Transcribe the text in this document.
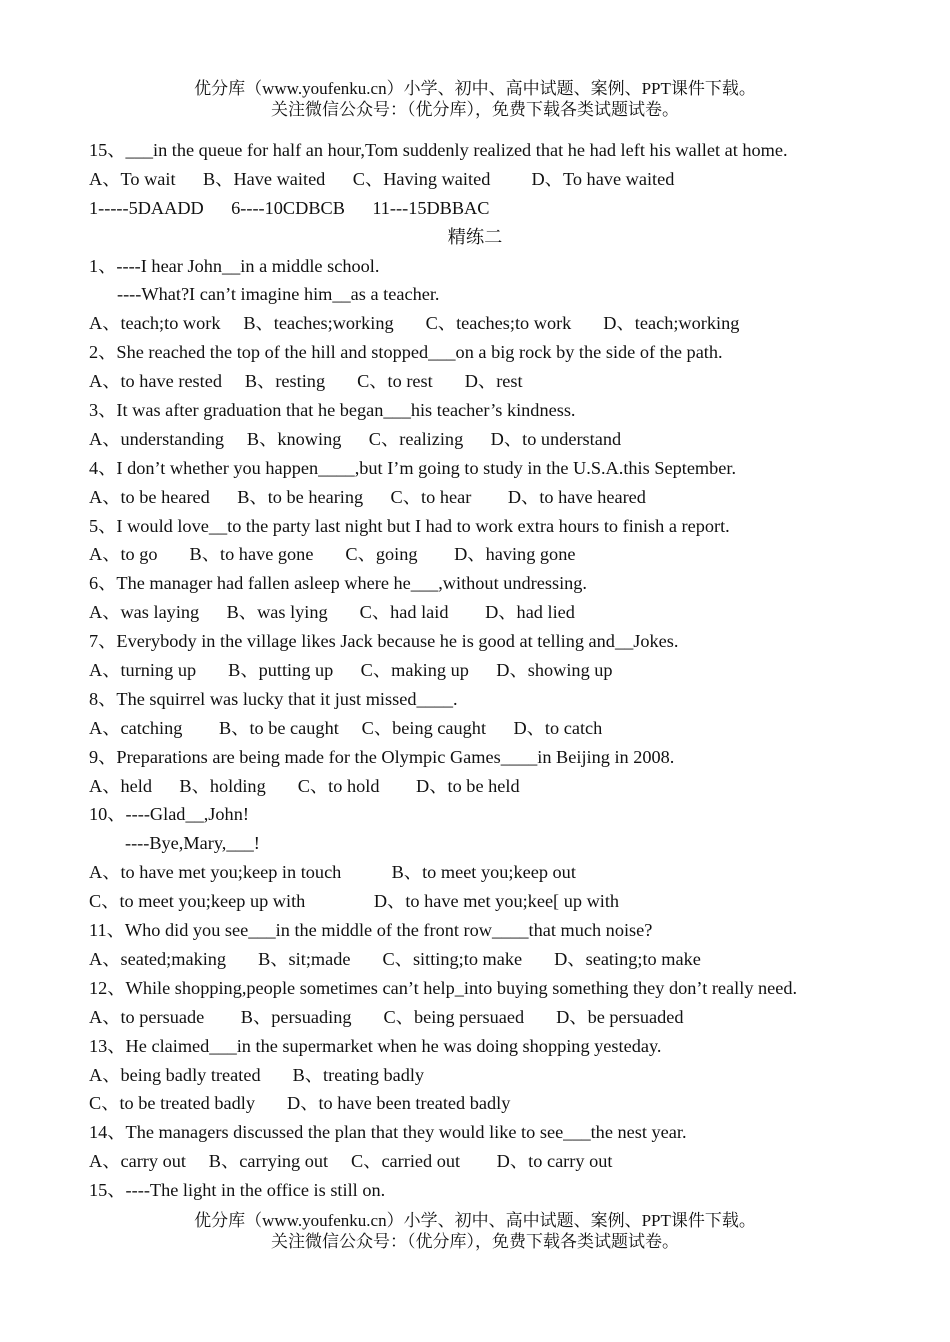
优分库（www.youfenku.cn）小学、初中、高中试题、案例、PPT课件下载。
关注微信公众号：（优分库），免费下载各类试题试卷。
15、___in the queue for half an hour,Tom suddenly realized that he had left his wallet at home.
A、To wait      B、Have waited      C、Having waited         D、To have waited
1-----5DAADD      6----10CDBCB      11---15DBBAC
精练二
1、----I hear John__in a middle school.
----What?I can’t imagine him__as a teacher.
A、teach;to work     B、teaches;working       C、teaches;to work       D、teach;working
2、She reached the top of the hill and stopped___on a big rock by the side of the path.
A、to have rested     B、resting       C、to rest       D、rest
3、It was after graduation that he began___his teacher’s kindness.
A、understanding     B、knowing      C、realizing      D、to understand
4、I don’t whether you happen____,but I’m going to study in the U.S.A.this September.
A、to be heared      B、to be hearing      C、to hear        D、to have heared
5、I would love__to the party last night but I had to work extra hours to finish a report.
A、to go       B、to have gone       C、going        D、having gone
6、The manager had fallen asleep where he___,without undressing.
A、was laying      B、was lying       C、had laid        D、had lied
7、Everybody in the village likes Jack because he is good at telling and__Jokes.
A、turning up       B、putting up      C、making up      D、showing up
8、The squirrel was lucky that it just missed____.
A、catching        B、to be caught     C、being caught      D、to catch
9、Preparations are being made for the Olympic Games____in Beijing in 2008.
A、held      B、holding       C、to hold        D、to be held
10、----Glad__,John!
----Bye,Mary,___!
A、to have met you;keep in touch           B、to meet you;keep out
C、to meet you;keep up with               D、to have met you;kee[ up with
11、Who did you see___in the middle of the front row____that much noise?
A、seated;making       B、sit;made       C、sitting;to make       D、seating;to make
12、While shopping,people sometimes can’t help_into buying something they don’t really need.
A、to persuade        B、persuading       C、being persuaed       D、be persuaded
13、He claimed___in the supermarket when he was doing shopping yesteday.
A、being badly treated       B、treating badly
C、to be treated badly       D、to have been treated badly
14、The managers discussed the plan that they would like to see___the nest year.
A、carry out     B、carrying out     C、carried out        D、to carry out
15、----The light in the office is still on.
优分库（www.youfenku.cn）小学、初中、高中试题、案例、PPT课件下载。
关注微信公众号：（优分库），免费下载各类试题试卷。
